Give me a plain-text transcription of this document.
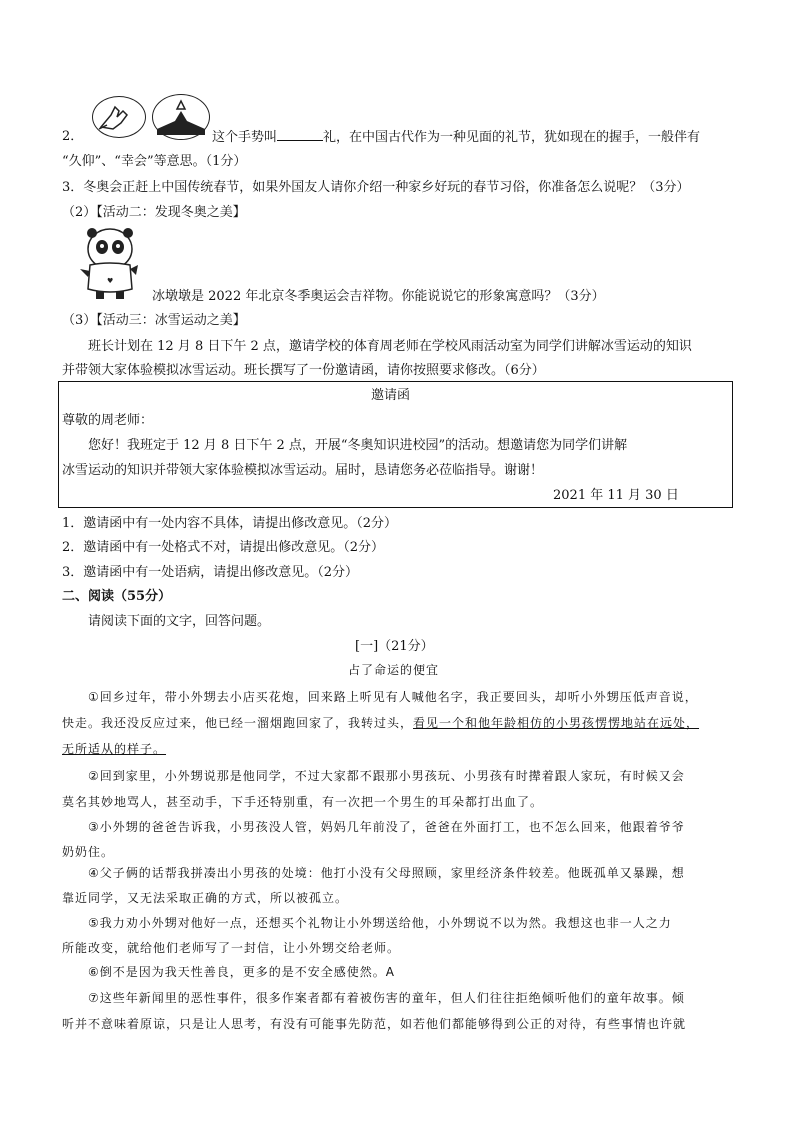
2．	这个手势叫	礼，在中国古代作为一种见面的礼节，犹如现在的握手，一般伴有
“久仰”、“幸会”等意思。（1分）
3．冬奥会正赶上中国传统春节，如果外国友人请你介绍一种家乡好玩的春节习俗，你准备怎么说呢？（3分）
（2）【活动二：发现冬奥之美】
♥
冰墩墩是 2022 年北京冬季奥运会吉祥物。你能说说它的形象寓意吗？（3分）
（3）【活动三：冰雪运动之美】
班长计划在 12 月 8 日下午 2 点，邀请学校的体育周老师在学校风雨活动室为同学们讲解冰雪运动的知识
并带领大家体验模拟冰雪运动。班长撰写了一份邀请函，请你按照要求修改。（6分）
邀请函
尊敬的周老师：
您好！我班定于 12 月 8 日下午 2 点，开展“冬奥知识进校园”的活动。想邀请您为同学们讲解
冰雪运动的知识并带领大家体验模拟冰雪运动。届时，恳请您务必莅临指导。谢谢！
2021 年 11 月 30 日
1．邀请函中有一处内容不具体，请提出修改意见。（2分）
2．邀请函中有一处格式不对，请提出修改意见。（2分）
3．邀请函中有一处语病，请提出修改意见。（2分）
二、阅读（55分）
请阅读下面的文字，回答问题。
[一]（21分）
占了命运的便宜
①回乡过年，带小外甥去小店买花炮，回来路上听见有人喊他名字，我正要回头，却听小外甥压低声音说，
快走。我还没反应过来，他已经一溜烟跑回家了，我转过头，看见一个和他年龄相仿的小男孩愣愣地站在远处，
无所适从的样子。
②回到家里，小外甥说那是他同学，不过大家都不跟那小男孩玩、小男孩有时撵着跟人家玩，有时候又会
莫名其妙地骂人，甚至动手，下手还特别重，有一次把一个男生的耳朵都打出血了。
③小外甥的爸爸告诉我，小男孩没人管，妈妈几年前没了，爸爸在外面打工，也不怎么回来，他跟着爷爷
奶奶住。
④父子俩的话帮我拼凑出小男孩的处境：他打小没有父母照顾，家里经济条件较差。他既孤单又暴躁，想
靠近同学，又无法采取正确的方式，所以被孤立。
⑤我力劝小外甥对他好一点，还想买个礼物让小外甥送给他，小外甥说不以为然。我想这也非一人之力
所能改变，就给他们老师写了一封信，让小外甥交给老师。
⑥倒不是因为我天性善良，更多的是不安全感使然。A
⑦这些年新闻里的恶性事件，很多作案者都有着被伤害的童年，但人们往往拒绝倾听他们的童年故事。倾
听并不意味着原谅，只是让人思考，有没有可能事先防范，如若他们都能够得到公正的对待，有些事情也许就
